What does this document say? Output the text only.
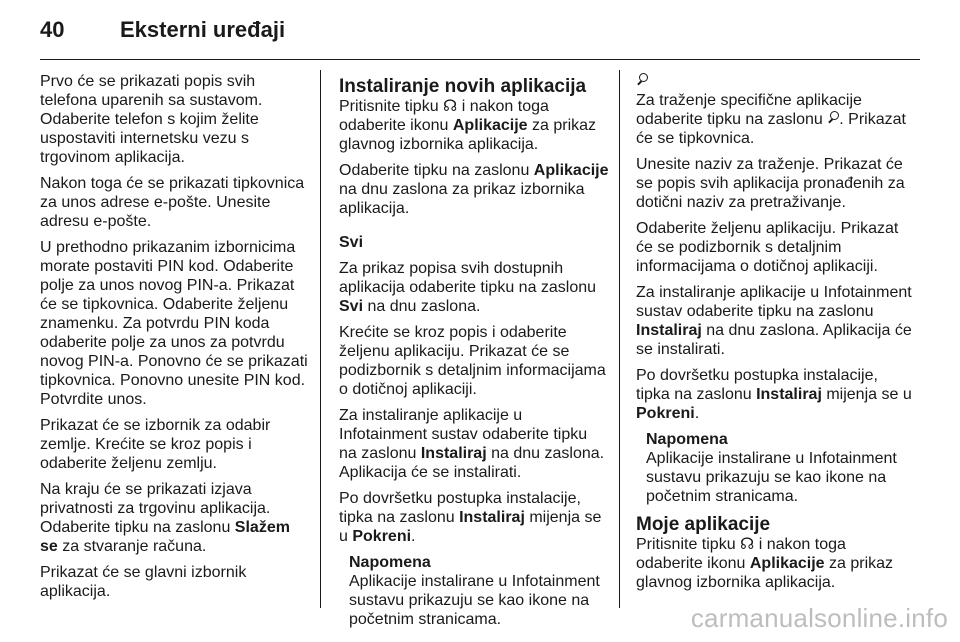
40	Eksterni uređaji

Prvo će se prikazati popis svih telefona uparenih sa sustavom. Odaberite telefon s kojim želite uspostaviti internetsku vezu s trgovinom aplikacija.

Nakon toga će se prikazati tipkovnica za unos adrese e-pošte. Unesite adresu e-pošte.

U prethodno prikazanim izbornicima morate postaviti PIN kod. Odaberite polje za unos novog PIN-a. Prikazat će se tipkovnica. Odaberite željenu znamenku. Za potvrdu PIN koda odaberite polje za unos za potvrdu novog PIN-a. Ponovno će se prikazati tipkovnica. Ponovno unesite PIN kod. Potvrdite unos.

Prikazat će se izbornik za odabir zemlje. Krećite se kroz popis i odaberite željenu zemlju.

Na kraju će se prikazati izjava privatnosti za trgovinu aplikacija. Odaberite tipku na zaslonu Slažem se za stvaranje računa.

Prikazat će se glavni izbornik aplikacija.

Instaliranje novih aplikacija

Pritisnite tipku ☊ i nakon toga odaberite ikonu Aplikacije za prikaz glavnog izbornika aplikacija.

Odaberite tipku na zaslonu Aplikacije na dnu zaslona za prikaz izbornika aplikacija.

Svi

Za prikaz popisa svih dostupnih aplikacija odaberite tipku na zaslonu Svi na dnu zaslona.

Krećite se kroz popis i odaberite željenu aplikaciju. Prikazat će se podizbornik s detaljnim informacijama o dotičnoj aplikaciji.

Za instaliranje aplikacije u Infotainment sustav odaberite tipku na zaslonu Instaliraj na dnu zaslona. Aplikacija će se instalirati.

Po dovršetku postupka instalacije, tipka na zaslonu Instaliraj mijenja se u Pokreni.

Napomena
Aplikacije instalirane u Infotainment sustavu prikazuju se kao ikone na početnim stranicama.

Za traženje specifične aplikacije odaberite tipku na zaslonu . Prikazat će se tipkovnica.

Unesite naziv za traženje. Prikazat će se popis svih aplikacija pronađenih za dotični naziv za pretraživanje.

Odaberite željenu aplikaciju. Prikazat će se podizbornik s detaljnim informacijama o dotičnoj aplikaciji.

Za instaliranje aplikacije u Infotainment sustav odaberite tipku na zaslonu Instaliraj na dnu zaslona. Aplikacija će se instalirati.

Po dovršetku postupka instalacije, tipka na zaslonu Instaliraj mijenja se u Pokreni.

Napomena
Aplikacije instalirane u Infotainment sustavu prikazuju se kao ikone na početnim stranicama.
Moje aplikacije

Pritisnite tipku ☊ i nakon toga odaberite ikonu Aplikacije za prikaz glavnog izbornika aplikacija.

carmanualsonline.info
